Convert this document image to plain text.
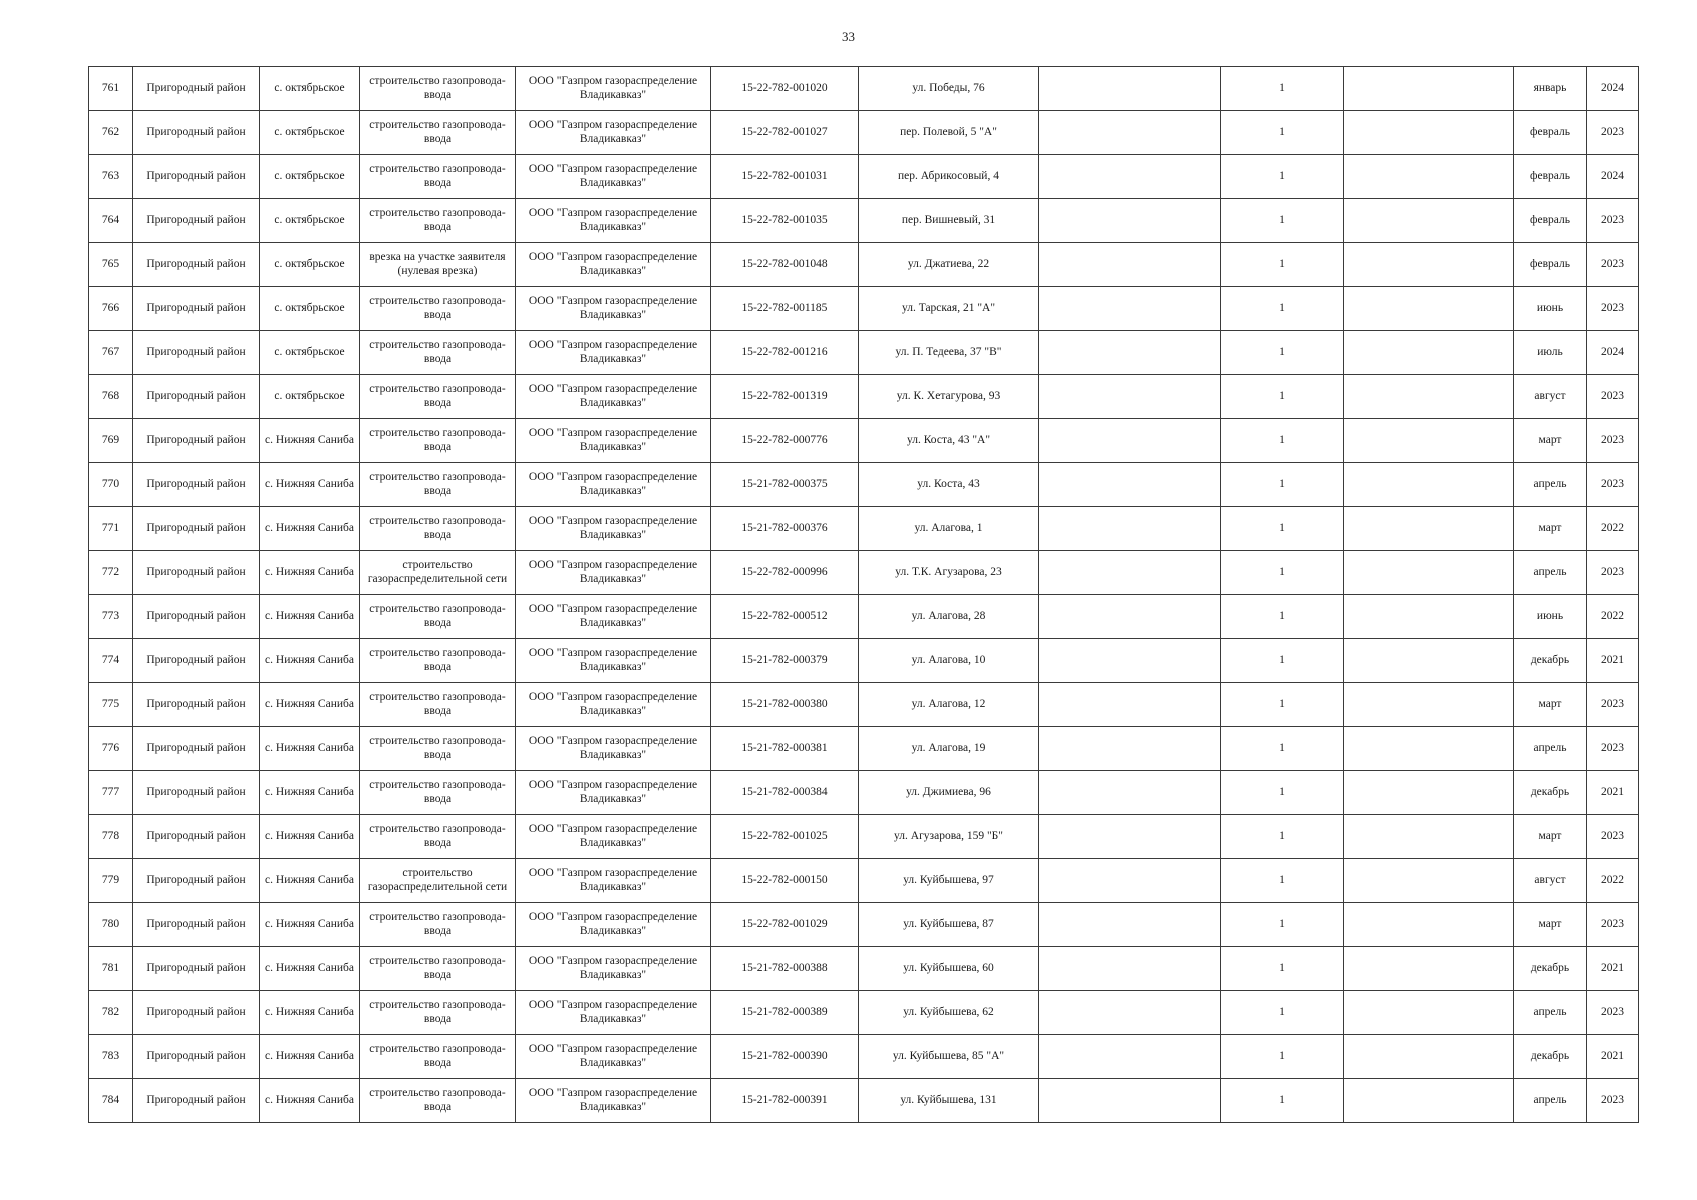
33
761	Пригородный район	с. октябрьское	строительство газопровода-ввода	ООО "Газпром газораспределение Владикавказ"	15-22-782-001020	ул. Победы, 76		1		январь	2024
762	Пригородный район	с. октябрьское	строительство газопровода-ввода	ООО "Газпром газораспределение Владикавказ"	15-22-782-001027	пер. Полевой, 5 "А"		1		февраль	2023
763	Пригородный район	с. октябрьское	строительство газопровода-ввода	ООО "Газпром газораспределение Владикавказ"	15-22-782-001031	пер. Абрикосовый, 4		1		февраль	2024
764	Пригородный район	с. октябрьское	строительство газопровода-ввода	ООО "Газпром газораспределение Владикавказ"	15-22-782-001035	пер. Вишневый, 31		1		февраль	2023
765	Пригородный район	с. октябрьское	врезка на участке заявителя (нулевая врезка)	ООО "Газпром газораспределение Владикавказ"	15-22-782-001048	ул. Джатиева, 22		1		февраль	2023
766	Пригородный район	с. октябрьское	строительство газопровода-ввода	ООО "Газпром газораспределение Владикавказ"	15-22-782-001185	ул. Тарская, 21 "А"		1		июнь	2023
767	Пригородный район	с. октябрьское	строительство газопровода-ввода	ООО "Газпром газораспределение Владикавказ"	15-22-782-001216	ул. П. Тедеева, 37 "В"		1		июль	2024
768	Пригородный район	с. октябрьское	строительство газопровода-ввода	ООО "Газпром газораспределение Владикавказ"	15-22-782-001319	ул. К. Хетагурова, 93		1		август	2023
769	Пригородный район	с. Нижняя Саниба	строительство газопровода-ввода	ООО "Газпром газораспределение Владикавказ"	15-22-782-000776	ул. Коста, 43 "А"		1		март	2023
770	Пригородный район	с. Нижняя Саниба	строительство газопровода-ввода	ООО "Газпром газораспределение Владикавказ"	15-21-782-000375	ул. Коста, 43		1		апрель	2023
771	Пригородный район	с. Нижняя Саниба	строительство газопровода-ввода	ООО "Газпром газораспределение Владикавказ"	15-21-782-000376	ул. Алагова, 1		1		март	2022
772	Пригородный район	с. Нижняя Саниба	строительство газораспределительной сети	ООО "Газпром газораспределение Владикавказ"	15-22-782-000996	ул. Т.К. Агузарова, 23		1		апрель	2023
773	Пригородный район	с. Нижняя Саниба	строительство газопровода-ввода	ООО "Газпром газораспределение Владикавказ"	15-22-782-000512	ул. Алагова, 28		1		июнь	2022
774	Пригородный район	с. Нижняя Саниба	строительство газопровода-ввода	ООО "Газпром газораспределение Владикавказ"	15-21-782-000379	ул. Алагова, 10		1		декабрь	2021
775	Пригородный район	с. Нижняя Саниба	строительство газопровода-ввода	ООО "Газпром газораспределение Владикавказ"	15-21-782-000380	ул. Алагова, 12		1		март	2023
776	Пригородный район	с. Нижняя Саниба	строительство газопровода-ввода	ООО "Газпром газораспределение Владикавказ"	15-21-782-000381	ул. Алагова, 19		1		апрель	2023
777	Пригородный район	с. Нижняя Саниба	строительство газопровода-ввода	ООО "Газпром газораспределение Владикавказ"	15-21-782-000384	ул. Джимиева, 96		1		декабрь	2021
778	Пригородный район	с. Нижняя Саниба	строительство газопровода-ввода	ООО "Газпром газораспределение Владикавказ"	15-22-782-001025	ул. Агузарова, 159 "Б"		1		март	2023
779	Пригородный район	с. Нижняя Саниба	строительство газораспределительной сети	ООО "Газпром газораспределение Владикавказ"	15-22-782-000150	ул. Куйбышева, 97		1		август	2022
780	Пригородный район	с. Нижняя Саниба	строительство газопровода-ввода	ООО "Газпром газораспределение Владикавказ"	15-22-782-001029	ул. Куйбышева, 87		1		март	2023
781	Пригородный район	с. Нижняя Саниба	строительство газопровода-ввода	ООО "Газпром газораспределение Владикавказ"	15-21-782-000388	ул. Куйбышева, 60		1		декабрь	2021
782	Пригородный район	с. Нижняя Саниба	строительство газопровода-ввода	ООО "Газпром газораспределение Владикавказ"	15-21-782-000389	ул. Куйбышева, 62		1		апрель	2023
783	Пригородный район	с. Нижняя Саниба	строительство газопровода-ввода	ООО "Газпром газораспределение Владикавказ"	15-21-782-000390	ул. Куйбышева, 85 "А"		1		декабрь	2021
784	Пригородный район	с. Нижняя Саниба	строительство газопровода-ввода	ООО "Газпром газораспределение Владикавказ"	15-21-782-000391	ул. Куйбышева, 131		1		апрель	2023
